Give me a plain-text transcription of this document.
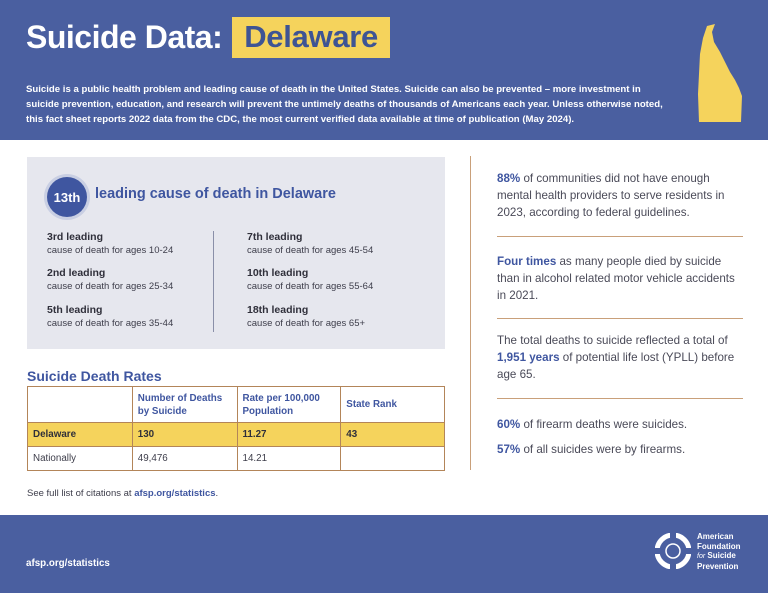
Suicide Data: Delaware

Suicide is a public health problem and leading cause of death in the United States. Suicide can also be prevented – more investment in suicide prevention, education, and research will prevent the untimely deaths of thousands of Americans each year. Unless otherwise noted, this fact sheet reports 2022 data from the CDC, the most current verified data available at time of publication (May 2024).

13th	leading cause of death in Delaware
3rd leading
cause of death for ages 10-24
2nd leading
cause of death for ages 25-34
5th leading
cause of death for ages 35-44
7th leading
cause of death for ages 45-54
10th leading
cause of death for ages 55-64
18th leading
cause of death for ages 65+
Suicide Death Rates
	Number of Deaths by Suicide	Rate per 100,000 Population	State Rank
Delaware	130	11.27	43
Nationally	49,476	14.21	
See full list of citations at afsp.org/statistics.

88% of communities did not have enough mental health providers to serve residents in 2023, according to federal guidelines.

Four times as many people died by suicide than in alcohol related motor vehicle accidents in 2021.

The total deaths to suicide reflected a total of 1,951 years of potential life lost (YPLL) before age 65.

60% of firearm deaths were suicides.

57% of all suicides were by firearms.

afsp.org/statistics
American
Foundation
for Suicide
Prevention
